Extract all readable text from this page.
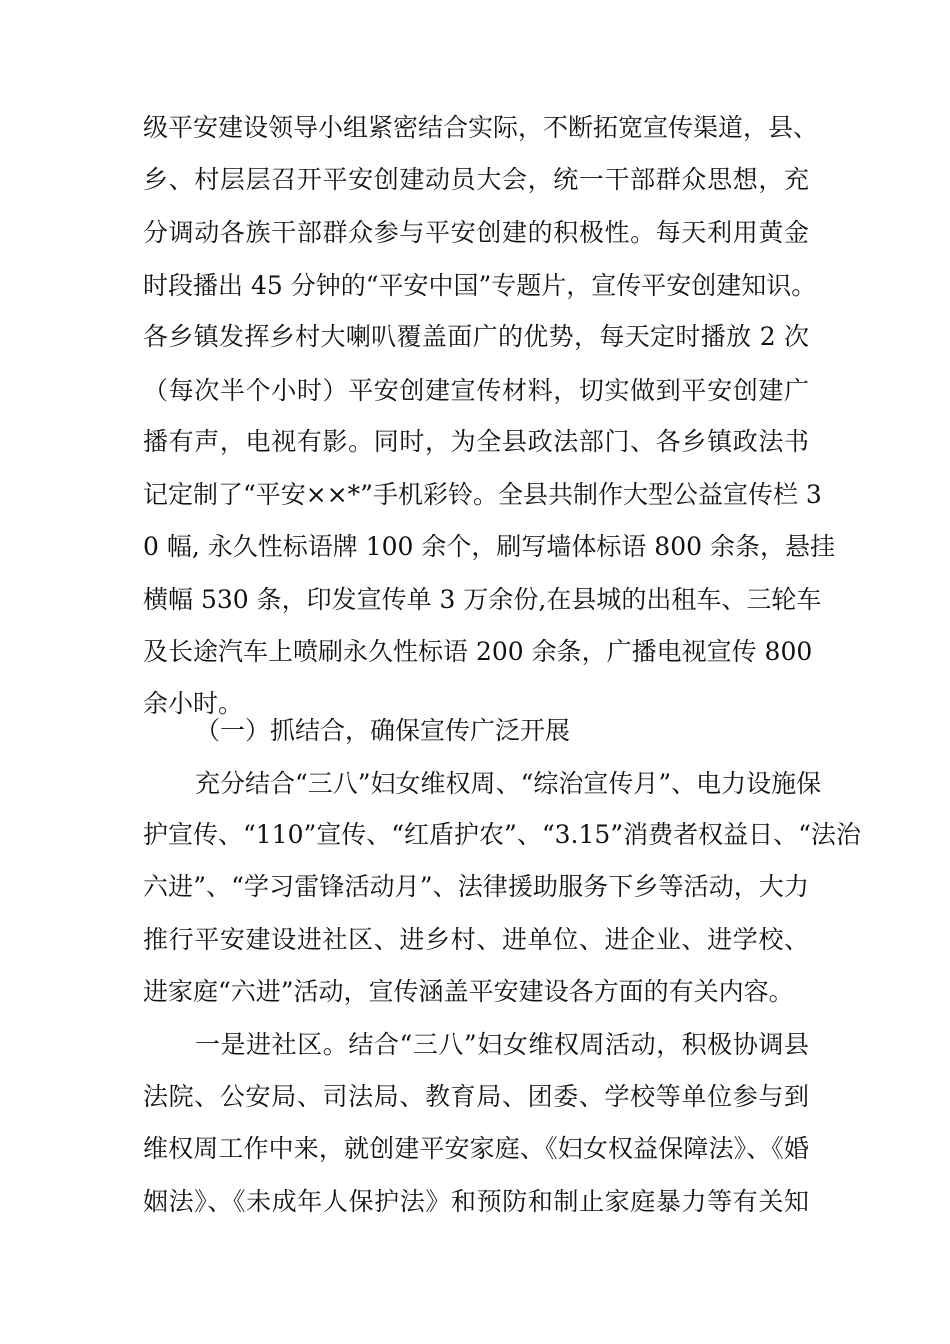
级平安建设领导小组紧密结合实际，不断拓宽宣传渠道，县、
乡、村层层召开平安创建动员大会，统一干部群众思想，充
分调动各族干部群众参与平安创建的积极性。每天利用黄金
时段播出 45 分钟的“平安中国”专题片，宣传平安创建知识。
各乡镇发挥乡村大喇叭覆盖面广的优势，每天定时播放 2 次
（每次半个小时）平安创建宣传材料，切实做到平安创建广
播有声，电视有影。同时，为全县政法部门、各乡镇政法书
记定制了“平安××*”手机彩铃。全县共制作大型公益宣传栏 3
0 幅, 永久性标语牌 100 余个，刷写墙体标语 800 余条，悬挂
横幅 530 条，印发宣传单 3 万余份,在县城的出租车、三轮车
及长途汽车上喷刷永久性标语 200 余条，广播电视宣传 800
余小时。
（一）抓结合，确保宣传广泛开展
充分结合“三八”妇女维权周、“综治宣传月”、电力设施保
护宣传、“110”宣传、“红盾护农”、“3.15”消费者权益日、“法治
六进”、“学习雷锋活动月”、法律援助服务下乡等活动，大力
推行平安建设进社区、进乡村、进单位、进企业、进学校、
进家庭“六进”活动，宣传涵盖平安建设各方面的有关内容。
一是进社区。结合“三八”妇女维权周活动，积极协调县
法院、公安局、司法局、教育局、团委、学校等单位参与到
维权周工作中来，就创建平安家庭、《妇女权益保障法》、《婚
姻法》、《未成年人保护法》和预防和制止家庭暴力等有关知
